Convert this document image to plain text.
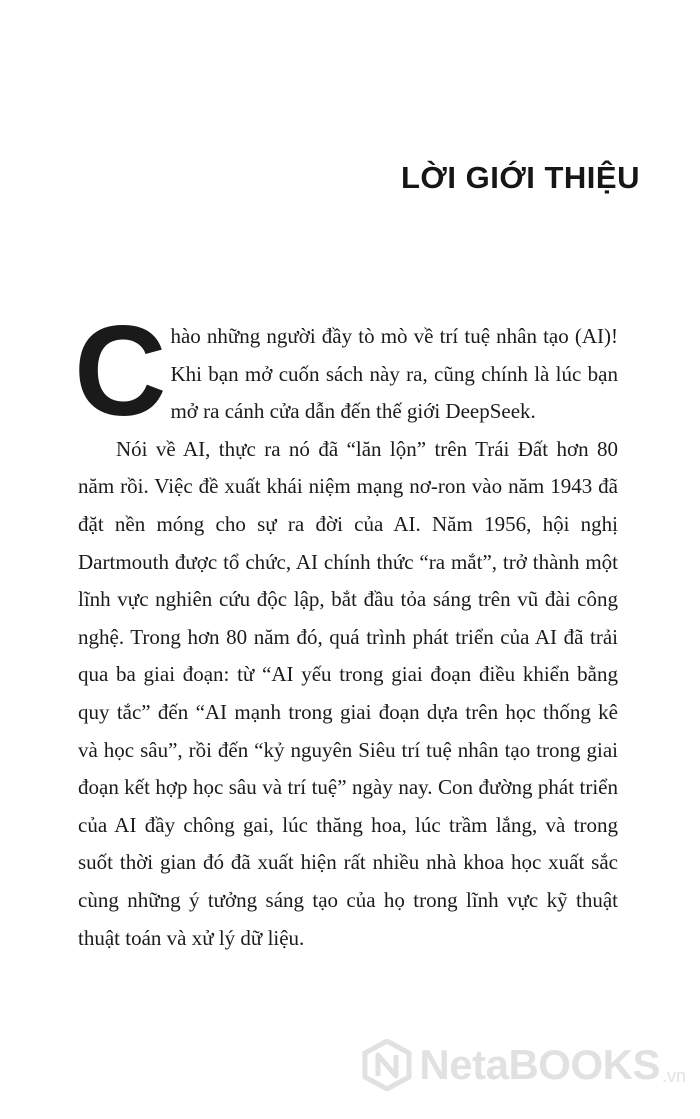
LỜI GIỚI THIỆU

Chào những người đầy tò mò về trí tuệ nhân tạo (AI)! Khi bạn mở cuốn sách này ra, cũng chính là lúc bạn mở ra cánh cửa dẫn đến thế giới DeepSeek.

Nói về AI, thực ra nó đã “lăn lộn” trên Trái Đất hơn 80 năm rồi. Việc đề xuất khái niệm mạng nơ-ron vào năm 1943 đã đặt nền móng cho sự ra đời của AI. Năm 1956, hội nghị Dartmouth được tổ chức, AI chính thức “ra mắt”, trở thành một lĩnh vực nghiên cứu độc lập, bắt đầu tỏa sáng trên vũ đài công nghệ. Trong hơn 80 năm đó, quá trình phát triển của AI đã trải qua ba giai đoạn: từ “AI yếu trong giai đoạn điều khiển bằng quy tắc” đến “AI mạnh trong giai đoạn dựa trên học thống kê và học sâu”, rồi đến “kỷ nguyên Siêu trí tuệ nhân tạo trong giai đoạn kết hợp học sâu và trí tuệ” ngày nay. Con đường phát triển của AI đầy chông gai, lúc thăng hoa, lúc trầm lắng, và trong suốt thời gian đó đã xuất hiện rất nhiều nhà khoa học xuất sắc cùng những ý tưởng sáng tạo của họ trong lĩnh vực kỹ thuật thuật toán và xử lý dữ liệu.

NetaBOOKS .vn
